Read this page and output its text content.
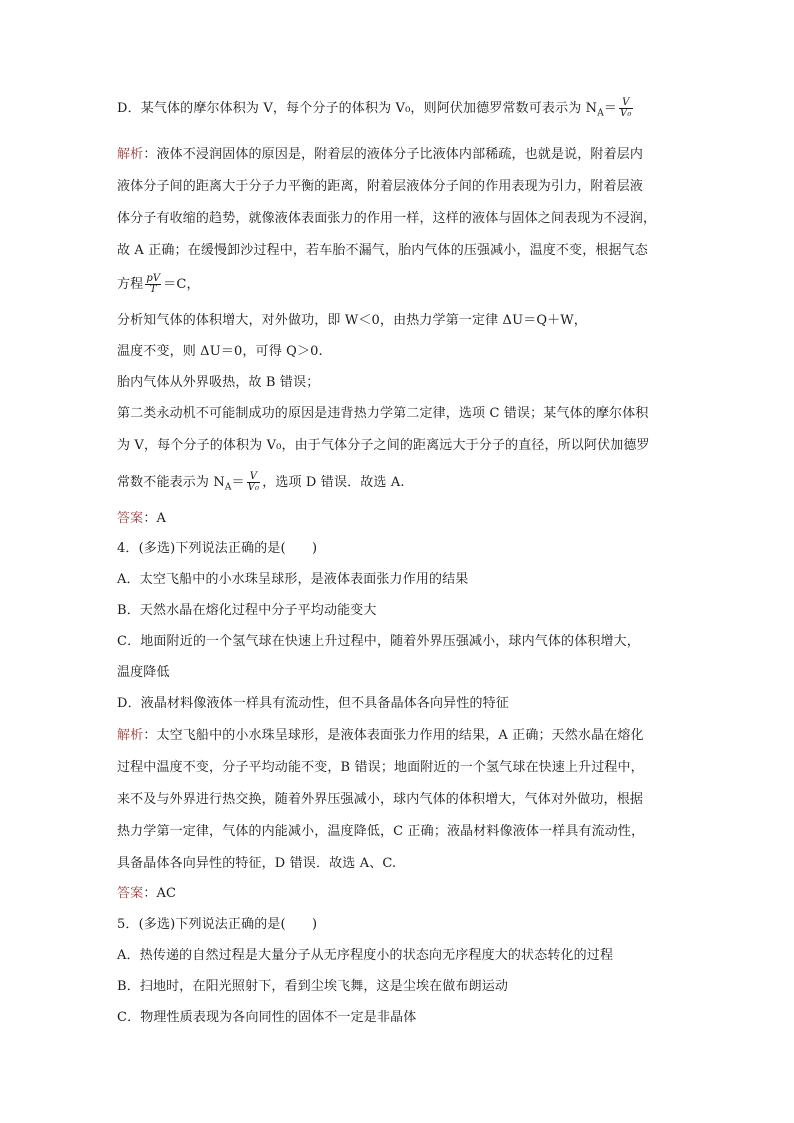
D．某气体的摩尔体积为 V，每个分子的体积为 V₀，则阿伏加德罗常数可表示为 $N_A= \frac{V}{\text{V₀}}$
解析：液体不浸润固体的原因是，附着层的液体分子比液体内部稀疏，也就是说，附着层内
液体分子间的距离大于分子力平衡的距离，附着层液体分子间的作用表现为引力，附着层液
体分子有收缩的趋势，就像液体表面张力的作用一样，这样的液体与固体之间表现为不浸润，
故 A 正确；在缓慢卸沙过程中，若车胎不漏气，胎内气体的压强减小，温度不变，根据气态
方程 $\frac{pV}{T} =C$，
分析知气体的体积增大，对外做功，即 W＜0，由热力学第一定律 ΔU＝Q＋W，
温度不变，则 ΔU＝0，可得 Q＞0.
胎内气体从外界吸热，故 B 错误；
第二类永动机不可能制成功的原因是违背热力学第二定律，选项 C 错误；某气体的摩尔体积
为 V，每个分子的体积为 V₀，由于气体分子之间的距离远大于分子的直径，所以阿伏加德罗
常数不能表示为 $N_A= \frac{V}{\text{V₀}}$ ，选项 D 错误．故选 A.
答案：A
4．(多选)下列说法正确的是(　　)
A．太空飞船中的小水珠呈球形，是液体表面张力作用的结果
B．天然水晶在熔化过程中分子平均动能变大
C．地面附近的一个氢气球在快速上升过程中，随着外界压强减小，球内气体的体积增大，
温度降低
D．液晶材料像液体一样具有流动性，但不具备晶体各向异性的特征
解析：太空飞船中的小水珠呈球形，是液体表面张力作用的结果，A 正确；天然水晶在熔化
过程中温度不变，分子平均动能不变，B 错误；地面附近的一个氢气球在快速上升过程中，
来不及与外界进行热交换，随着外界压强减小，球内气体的体积增大，气体对外做功，根据
热力学第一定律，气体的内能减小，温度降低，C 正确；液晶材料像液体一样具有流动性，
具备晶体各向异性的特征，D 错误．故选 A、C.
答案：AC
5．(多选)下列说法正确的是(　　)
A．热传递的自然过程是大量分子从无序程度小的状态向无序程度大的状态转化的过程
B．扫地时，在阳光照射下，看到尘埃飞舞，这是尘埃在做布朗运动
C．物理性质表现为各向同性的固体不一定是非晶体
